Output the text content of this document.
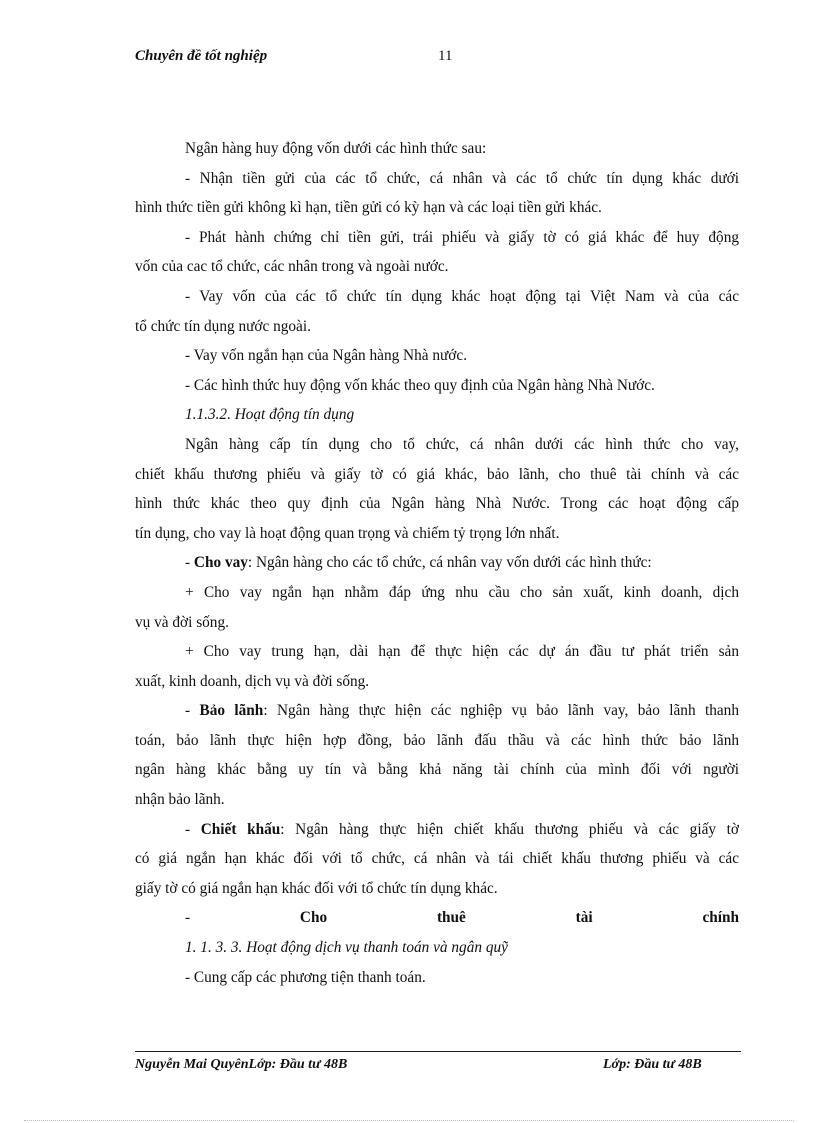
Chuyên đề tốt nghiệp	11
Ngân hàng huy động vốn dưới các hình thức sau:
- Nhận tiền gửi của các tổ chức, cá nhân và các tổ chức tín dụng khác dưới
hình thức tiền gửi không kì hạn, tiền gửi có kỳ hạn và các loại tiền gửi khác.
- Phát hành chứng chỉ tiền gửi, trái phiếu và giấy tờ có giá khác để huy động
vốn của cac tổ chức, các nhân trong và ngoài nước.
- Vay vốn của các tổ chức tín dụng khác hoạt động tại Việt Nam và của các
tổ chức tín dụng nước ngoài.
- Vay vốn ngắn hạn của Ngân hàng Nhà nước.
- Các hình thức huy động vốn khác theo quy định của Ngân hàng Nhà Nước.
1.1.3.2. Hoạt động tín dụng
Ngân hàng cấp tín dụng cho tổ chức, cá nhân dưới các hình thức cho vay,
chiết khấu thương phiếu và giấy tờ có giá khác, bảo lãnh, cho thuê tài chính và các
hình thức khác theo quy định của Ngân hàng Nhà Nước. Trong các hoạt động cấp
tín dụng, cho vay là hoạt động quan trọng và chiếm tỷ trọng lớn nhất.
- Cho vay: Ngân hàng cho các tổ chức, cá nhân vay vốn dưới các hình thức:
+ Cho vay ngắn hạn nhằm đáp ứng nhu cầu cho sản xuất, kinh doanh, dịch
vụ và đời sống.
+ Cho vay trung hạn, dài hạn để thực hiện các dự án đầu tư phát triển sản
xuất, kinh doanh, dịch vụ và đời sống.
- Bảo lãnh: Ngân hàng thực hiện các nghiệp vụ bảo lãnh vay, bảo lãnh thanh
toán, bảo lãnh thực hiện hợp đồng, bảo lãnh đấu thầu và các hình thức bảo lãnh
ngân hàng khác bằng uy tín và bằng khả năng tài chính của mình đối với người
nhận bảo lãnh.
- Chiết khấu: Ngân hàng thực hiện chiết khấu thương phiếu và các giấy tờ
có giá ngắn hạn khác đối với tổ chức, cá nhân và tái chiết khấu thương phiếu và các
giấy tờ có giá ngắn hạn khác đối với tổ chức tín dụng khác.
-	Cho	thuê	tài	chính
1. 1. 3. 3. Hoạt động dịch vụ thanh toán và ngân quỹ
- Cung cấp các phương tiện thanh toán.
Nguyễn Mai QuyênLớp: Đầu tư 48B	Lớp: Đầu tư 48B
